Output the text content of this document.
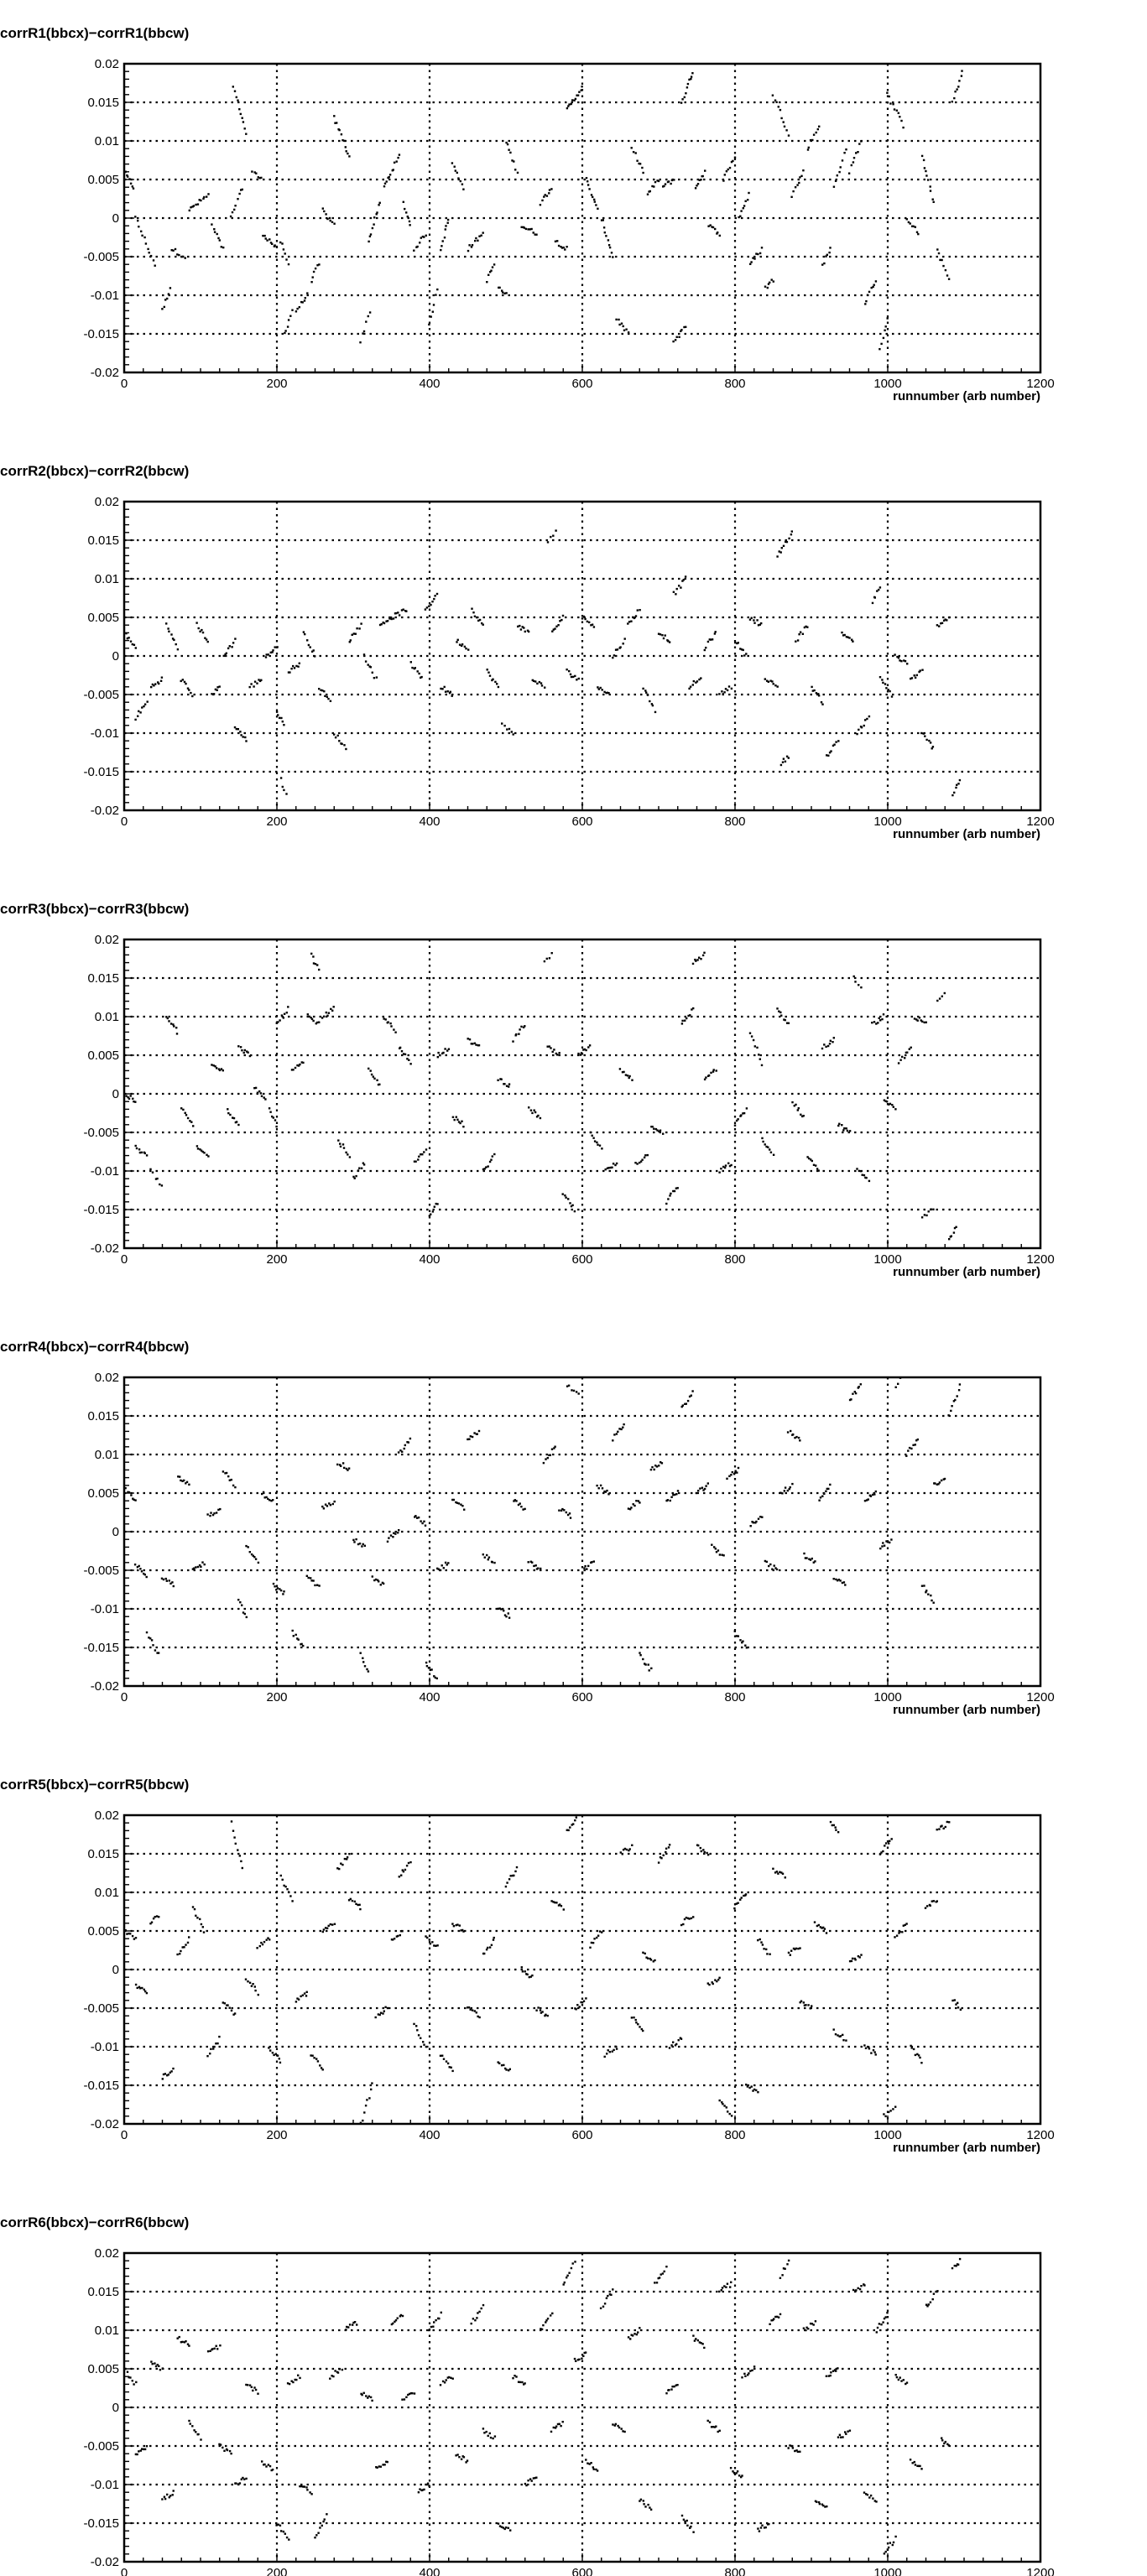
corrR1(bbcx)−corrR1(bbcw)
-0.02
-0.015
-0.01
-0.005
0
0.005
0.01
0.015
0.02
0	200	400	600	800	1000	1200
runnumber (arb number)
corrR2(bbcx)−corrR2(bbcw)
-0.02
-0.015
-0.01
-0.005
0
0.005
0.01
0.015
0.02
0	200	400	600	800	1000	1200
runnumber (arb number)
corrR3(bbcx)−corrR3(bbcw)
-0.02
-0.015
-0.01
-0.005
0
0.005
0.01
0.015
0.02
0	200	400	600	800	1000	1200
runnumber (arb number)
corrR4(bbcx)−corrR4(bbcw)
-0.02
-0.015
-0.01
-0.005
0
0.005
0.01
0.015
0.02
0	200	400	600	800	1000	1200
runnumber (arb number)
corrR5(bbcx)−corrR5(bbcw)
-0.02
-0.015
-0.01
-0.005
0
0.005
0.01
0.015
0.02
0	200	400	600	800	1000	1200
runnumber (arb number)
corrR6(bbcx)−corrR6(bbcw)
-0.02
-0.015
-0.01
-0.005
0
0.005
0.01
0.015
0.02
0	200	400	600	800	1000	1200
